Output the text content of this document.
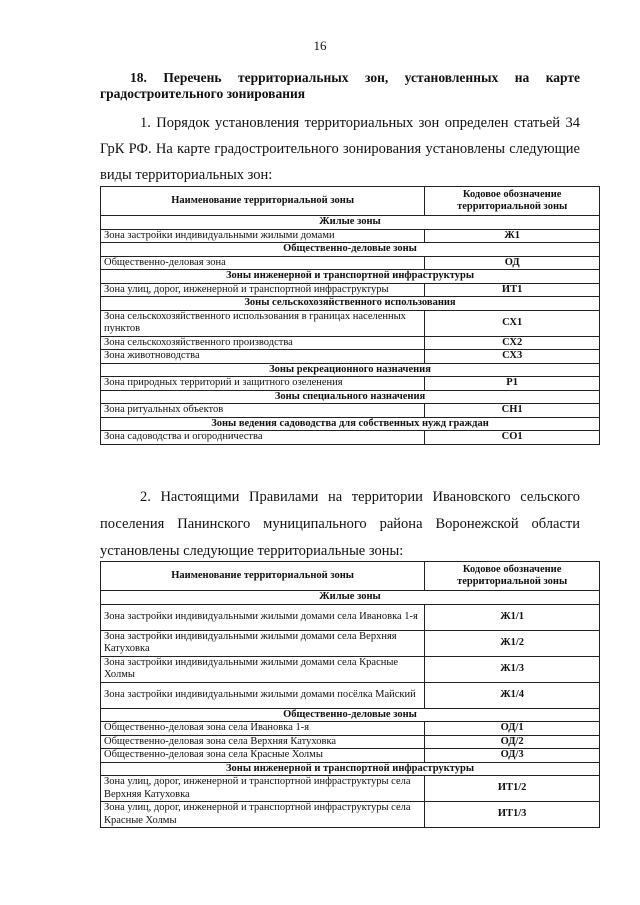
16
18. Перечень территориальных зон, установленных на карте градостроительного зонирования
1. Порядок установления территориальных зон определен статьей 34 ГрК РФ. На карте градостроительного зонирования установлены следующие виды территориальных зон:
Наименование территориальной зоны	Кодовое обозначение территориальной зоны
Жилые зоны	
Зона застройки индивидуальными жилыми домами	Ж1
Общественно-деловые зоны	
Общественно-деловая зона	ОД
Зоны инженерной и транспортной инфраструктуры	
Зона улиц, дорог, инженерной и транспортной инфраструктуры	ИТ1
Зоны сельскохозяйственного использования	
Зона сельскохозяйственного использования в границах населенных пунктов	СХ1
Зона сельскохозяйственного производства	СХ2
Зона животноводства	СХ3
Зоны рекреационного назначения	
Зона природных территорий и защитного озеленения	Р1
Зоны специального назначения	
Зона ритуальных объектов	СН1
Зоны ведения садоводства для собственных нужд граждан	
Зона садоводства и огородничества	СО1
2. Настоящими Правилами на территории Ивановского сельского поселения Панинского муниципального района Воронежской области установлены следующие территориальные зоны:
Наименование территориальной зоны	Кодовое обозначение территориальной зоны
Жилые зоны	
Зона застройки индивидуальными жилыми домами села Ивановка 1-я	Ж1/1
Зона застройки индивидуальными жилыми домами села Верхняя Катуховка	Ж1/2
Зона застройки индивидуальными жилыми домами села Красные Холмы	Ж1/3
Зона застройки индивидуальными жилыми домами посёлка Майский	Ж1/4
Общественно-деловые зоны	
Общественно-деловая зона села Ивановка 1-я	ОД/1
Общественно-деловая зона села Верхняя Катуховка	ОД/2
Общественно-деловая зона села Красные Холмы	ОД/3
Зоны инженерной и транспортной инфраструктуры	
Зона улиц, дорог, инженерной и транспортной инфраструктуры села Верхняя Катуховка	ИТ1/2
Зона улиц, дорог, инженерной и транспортной инфраструктуры села Красные Холмы	ИТ1/3
